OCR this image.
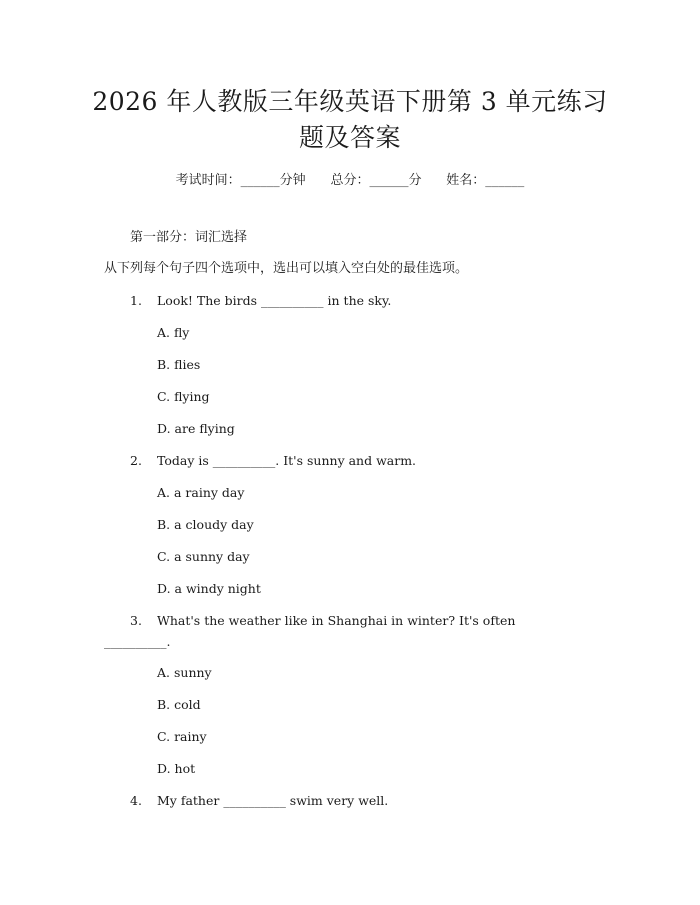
2026 年人教版三年级英语下册第 3 单元练习
题及答案
考试时间：______分钟 总分：______分 姓名：______
第一部分：词汇选择
从下列每个句子四个选项中，选出可以填入空白处的最佳选项。
1. Look! The birds __________ in the sky.
A. fly
B. flies
C. flying
D. are flying
2. Today is __________. It's sunny and warm.
A. a rainy day
B. a cloudy day
C. a sunny day
D. a windy night
3. What's the weather like in Shanghai in winter? It's often
__________.
A. sunny
B. cold
C. rainy
D. hot
4. My father __________ swim very well.
